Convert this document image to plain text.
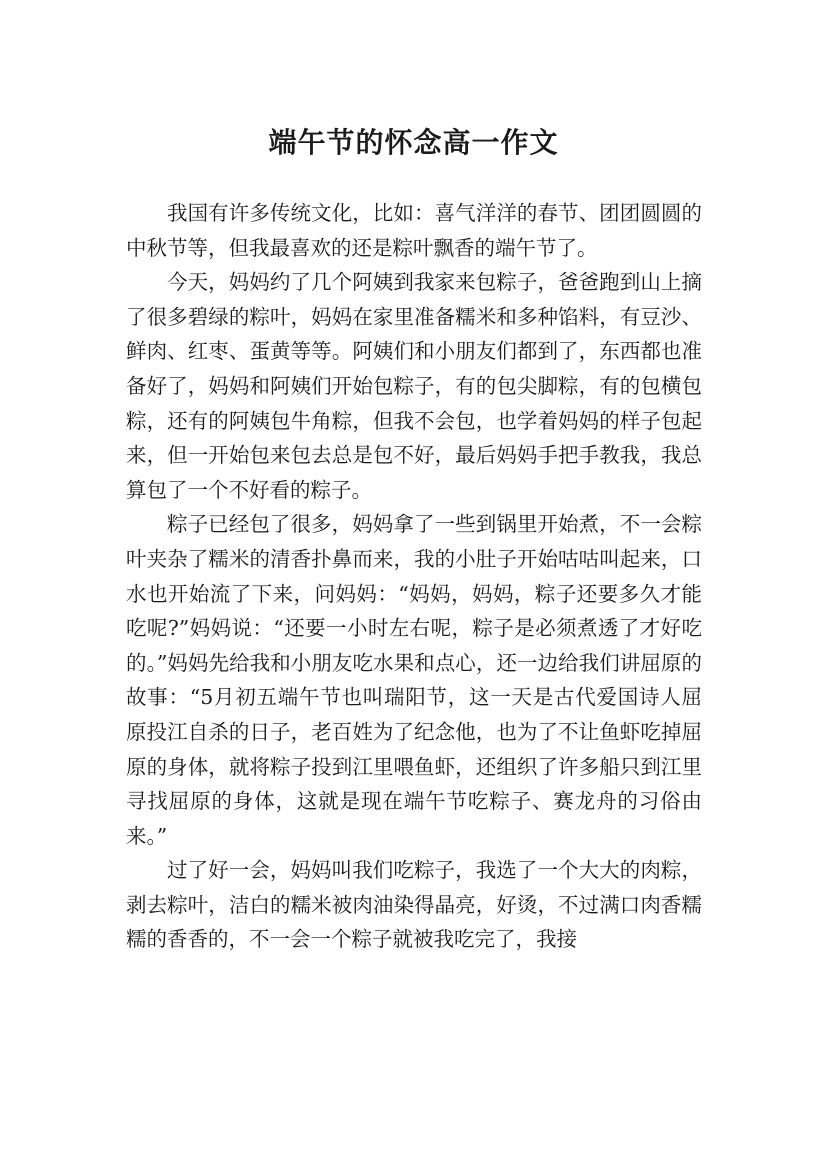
端午节的怀念高一作文

我国有许多传统文化，比如：喜气洋洋的春节、团团圆圆的中秋节等，但我最喜欢的还是粽叶飘香的端午节了。

今天，妈妈约了几个阿姨到我家来包粽子，爸爸跑到山上摘了很多碧绿的粽叶，妈妈在家里准备糯米和多种馅料，有豆沙、鲜肉、红枣、蛋黄等等。阿姨们和小朋友们都到了，东西都也准备好了，妈妈和阿姨们开始包粽子，有的包尖脚粽，有的包横包粽，还有的阿姨包牛角粽，但我不会包，也学着妈妈的样子包起来，但一开始包来包去总是包不好，最后妈妈手把手教我，我总算包了一个不好看的粽子。

粽子已经包了很多，妈妈拿了一些到锅里开始煮，不一会粽叶夹杂了糯米的清香扑鼻而来，我的小肚子开始咕咕叫起来，口水也开始流了下来，问妈妈：“妈妈，妈妈，粽子还要多久才能吃呢?”妈妈说：“还要一小时左右呢，粽子是必须煮透了才好吃的。”妈妈先给我和小朋友吃水果和点心，还一边给我们讲屈原的故事：“5月初五端午节也叫瑞阳节，这一天是古代爱国诗人屈原投江自杀的日子，老百姓为了纪念他，也为了不让鱼虾吃掉屈原的身体，就将粽子投到江里喂鱼虾，还组织了许多船只到江里寻找屈原的身体，这就是现在端午节吃粽子、赛龙舟的习俗由来。”

过了好一会，妈妈叫我们吃粽子，我选了一个大大的肉粽，剥去粽叶，洁白的糯米被肉油染得晶亮，好烫，不过满口肉香糯糯的香香的，不一会一个粽子就被我吃完了，我接
